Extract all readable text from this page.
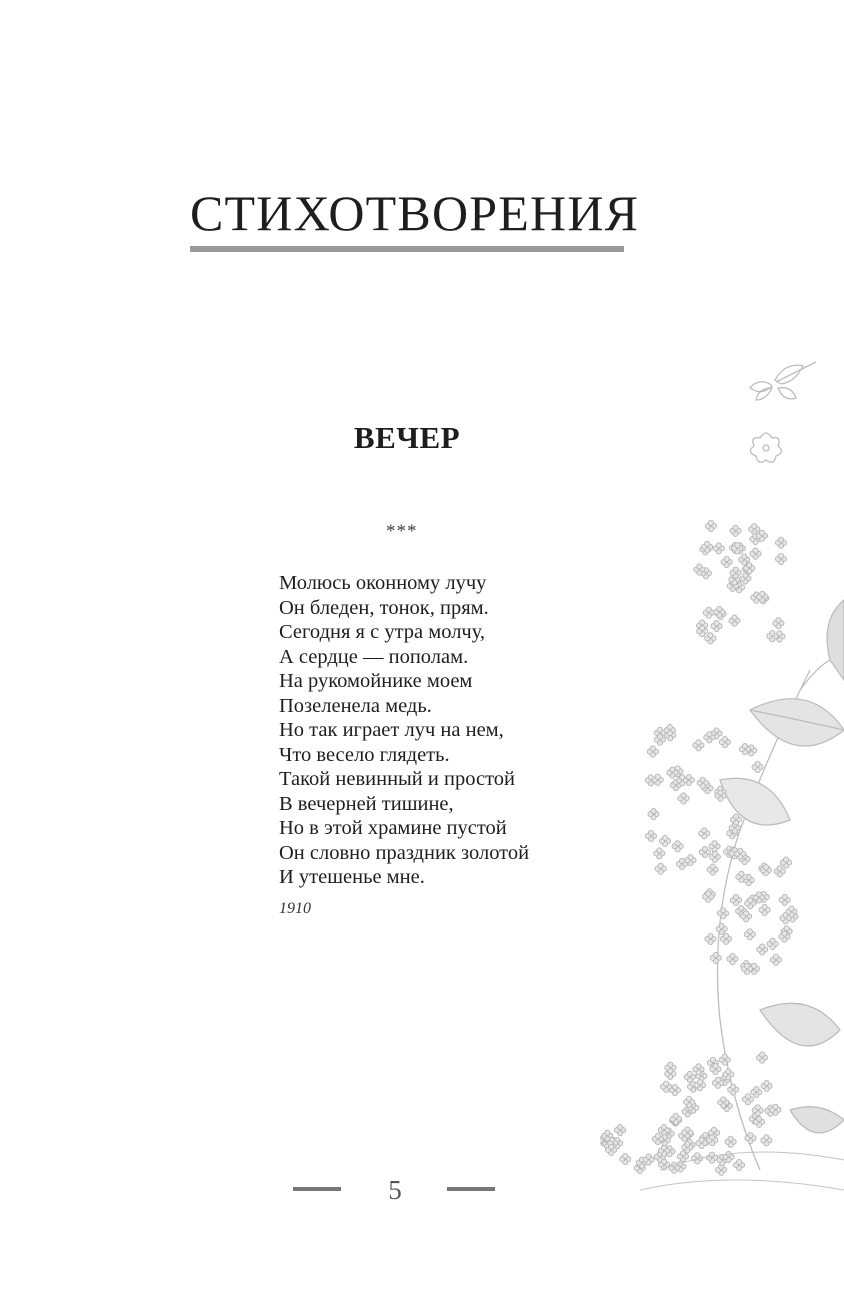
СТИХОТВОРЕНИЯ
ВЕЧЕР
***
Молюсь оконному лучу
Он бледен, тонок, прям.
Сегодня я с утра молчу,
А сердце — пополам.
На рукомойнике моем
Позеленела медь.
Но так играет луч на нем,
Что весело глядеть.
Такой невинный и простой
В вечерней тишине,
Но в этой храмине пустой
Он словно праздник золотой
И утешенье мне.
1910
5
